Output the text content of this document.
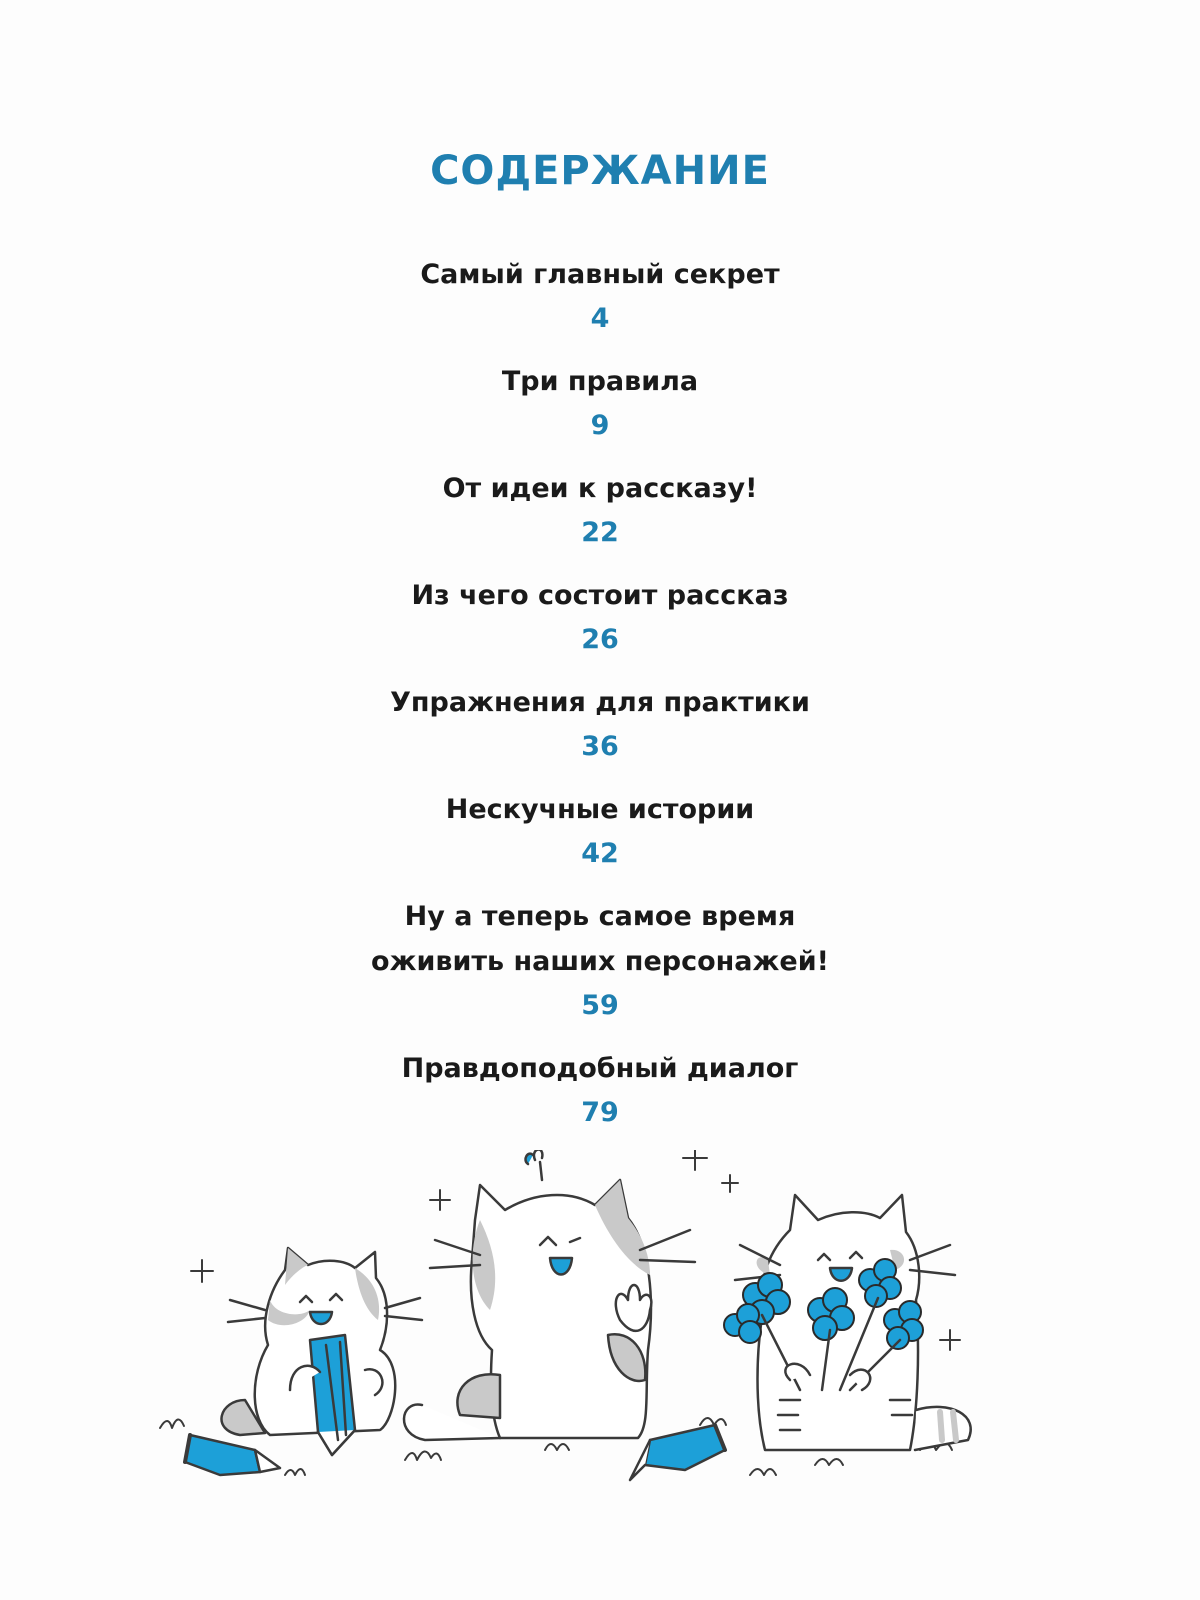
СОДЕРЖАНИЕ
Самый главный секрет
4
Три правила
9
От идеи к рассказу!
22
Из чего состоит рассказ
26
Упражнения для практики
36
Нескучные истории
42
Ну а теперь самое время
оживить наших персонажей!
59
Правдоподобный диалог
79
